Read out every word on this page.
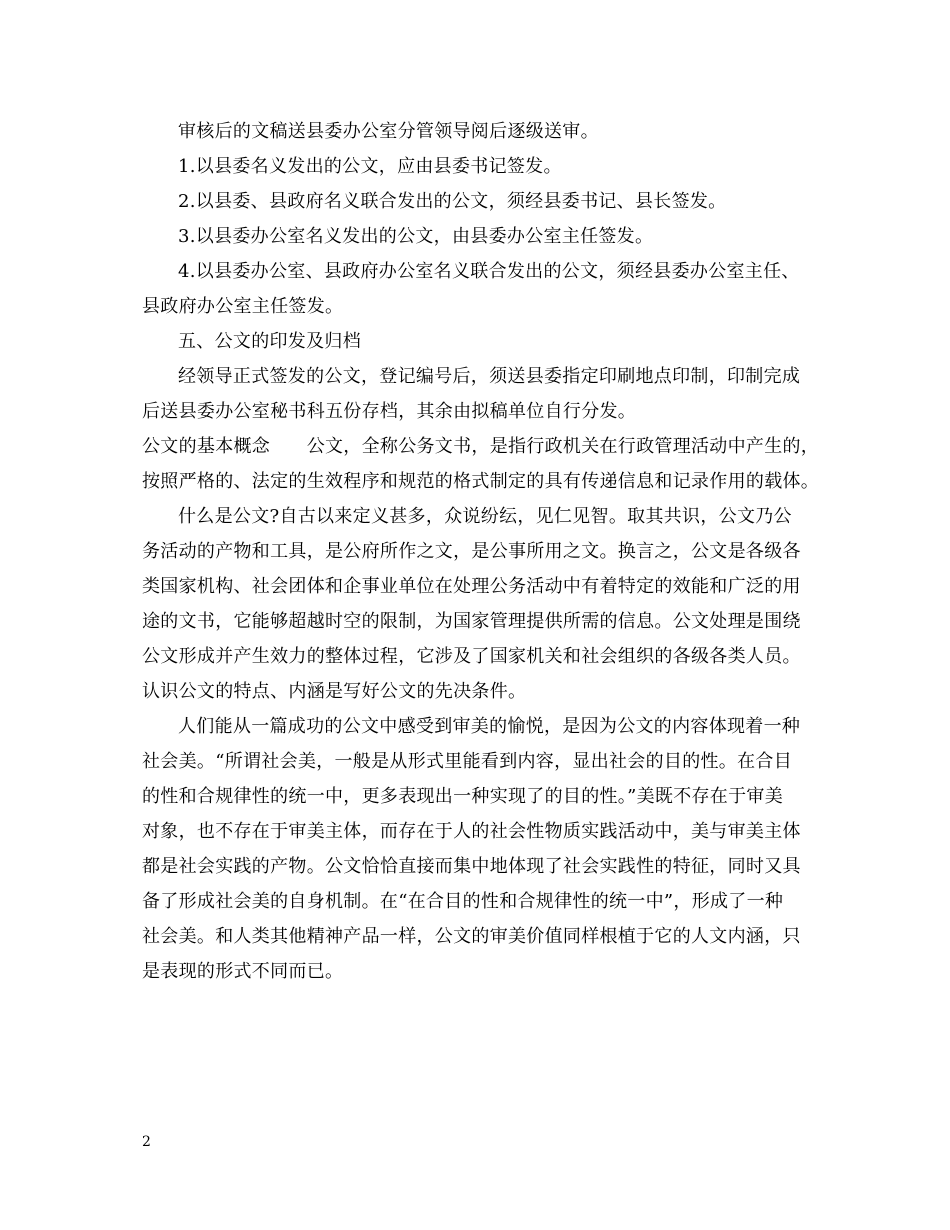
审核后的文稿送县委办公室分管领导阅后逐级送审。
1.以县委名义发出的公文，应由县委书记签发。
2.以县委、县政府名义联合发出的公文，须经县委书记、县长签发。
3.以县委办公室名义发出的公文，由县委办公室主任签发。
4.以县委办公室、县政府办公室名义联合发出的公文，须经县委办公室主任、
县政府办公室主任签发。
五、公文的印发及归档
经领导正式签发的公文，登记编号后，须送县委指定印刷地点印制，印制完成
后送县委办公室秘书科五份存档，其余由拟稿单位自行分发。
公文的基本概念　　公文，全称公务文书，是指行政机关在行政管理活动中产生的，
按照严格的、法定的生效程序和规范的格式制定的具有传递信息和记录作用的载体。
什么是公文?自古以来定义甚多，众说纷纭，见仁见智。取其共识，公文乃公
务活动的产物和工具，是公府所作之文，是公事所用之文。换言之，公文是各级各
类国家机构、社会团体和企事业单位在处理公务活动中有着特定的效能和广泛的用
途的文书，它能够超越时空的限制，为国家管理提供所需的信息。公文处理是围绕
公文形成并产生效力的整体过程，它涉及了国家机关和社会组织的各级各类人员。
认识公文的特点、内涵是写好公文的先决条件。
人们能从一篇成功的公文中感受到审美的愉悦，是因为公文的内容体现着一种
社会美。“所谓社会美，一般是从形式里能看到内容，显出社会的目的性。在合目
的性和合规律性的统一中，更多表现出一种实现了的目的性。”美既不存在于审美
对象，也不存在于审美主体，而存在于人的社会性物质实践活动中，美与审美主体
都是社会实践的产物。公文恰恰直接而集中地体现了社会实践性的特征，同时又具
备了形成社会美的自身机制。在“在合目的性和合规律性的统一中”，形成了一种
社会美。和人类其他精神产品一样，公文的审美价值同样根植于它的人文内涵，只
是表现的形式不同而已。
2
